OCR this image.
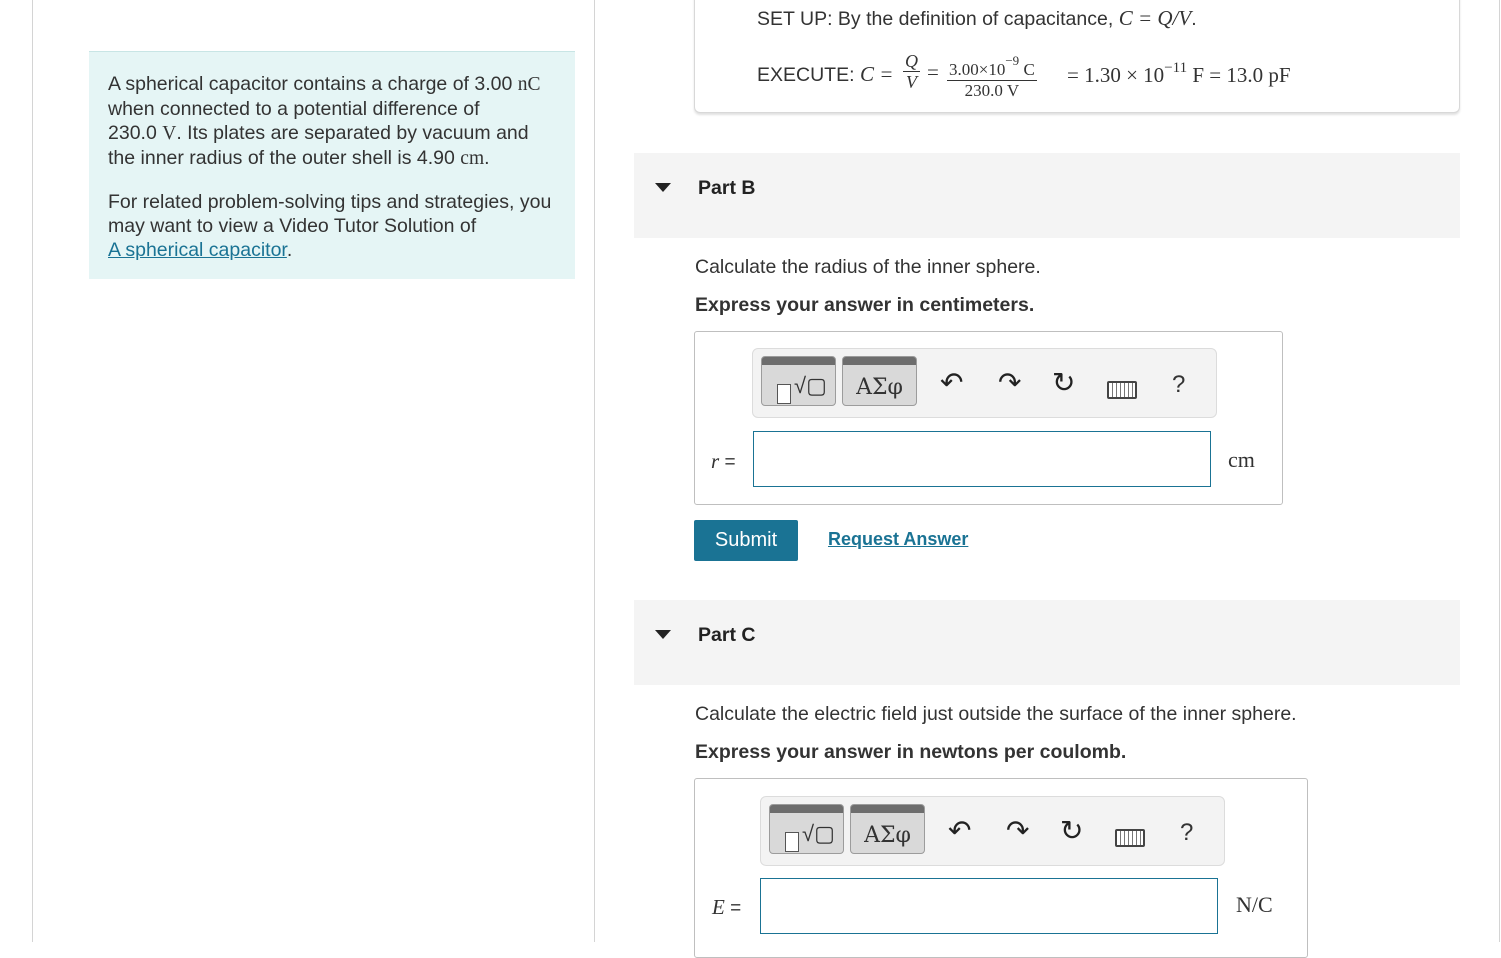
A spherical capacitor contains a charge of 3.00 nC
when connected to a potential difference of
230.0 V. Its plates are separated by vacuum and
the inner radius of the outer shell is 4.90 cm.

For related problem-solving tips and strategies, you
may want to view a Video Tutor Solution of
A spherical capacitor.

SET UP: By the definition of capacitance, C = Q/V.
EXECUTE: $C = \frac{Q}{V} = \frac{3.00\times 10^{-9} C}{230.0 V} = 1.30 \times 10^{-11}$ F = 13.0 pF
Part B
Calculate the radius of the inner sphere.
Express your answer in centimeters.
√▢	ΑΣφ	↶ ↷ ↻	?
r =	cm
Submit	Request Answer
Part C
Calculate the electric field just outside the surface of the inner sphere.
Express your answer in newtons per coulomb.
√▢	ΑΣφ	↶ ↷ ↻	?
E =	N/C
